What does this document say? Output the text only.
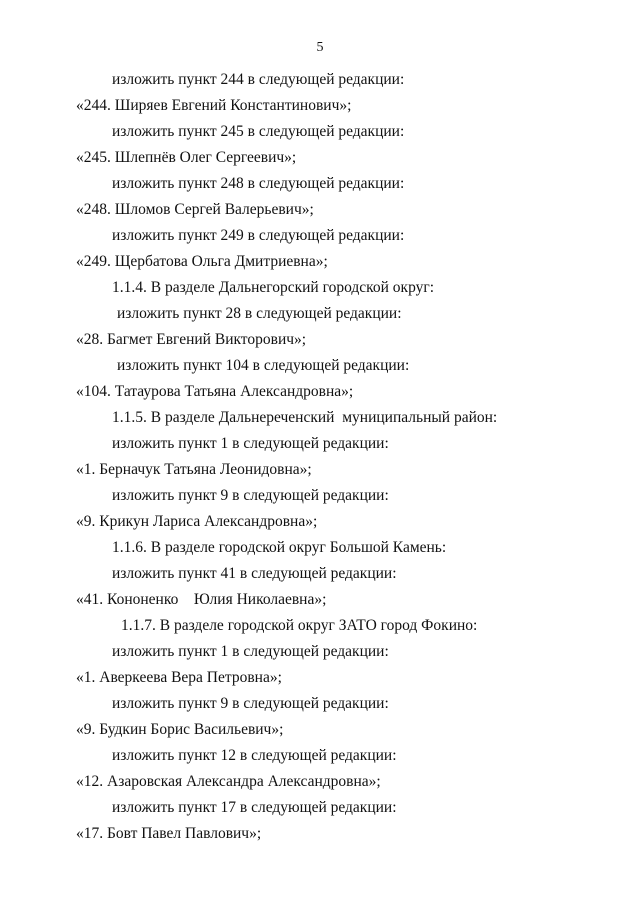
5
изложить пункт 244 в следующей редакции:
«244. Ширяев Евгений Константинович»;
изложить пункт 245 в следующей редакции:
«245. Шлепнёв Олег Сергеевич»;
изложить пункт 248 в следующей редакции:
«248. Шломов Сергей Валерьевич»;
изложить пункт 249 в следующей редакции:
«249. Щербатова Ольга Дмитриевна»;
1.1.4. В разделе Дальнегорский городской округ:
изложить пункт 28 в следующей редакции:
«28. Багмет Евгений Викторович»;
изложить пункт 104 в следующей редакции:
«104. Татаурова Татьяна Александровна»;
1.1.5. В разделе Дальнереченский  муниципальный район:
изложить пункт 1 в следующей редакции:
«1. Берначук Татьяна Леонидовна»;
изложить пункт 9 в следующей редакции:
«9. Крикун Лариса Александровна»;
1.1.6. В разделе городской округ Большой Камень:
изложить пункт 41 в следующей редакции:
«41. Кононенко    Юлия Николаевна»;
1.1.7. В разделе городской округ ЗАТО город Фокино:
изложить пункт 1 в следующей редакции:
«1. Аверкеева Вера Петровна»;
изложить пункт 9 в следующей редакции:
«9. Будкин Борис Васильевич»;
изложить пункт 12 в следующей редакции:
«12. Азаровская Александра Александровна»;
изложить пункт 17 в следующей редакции:
«17. Бовт Павел Павлович»;
